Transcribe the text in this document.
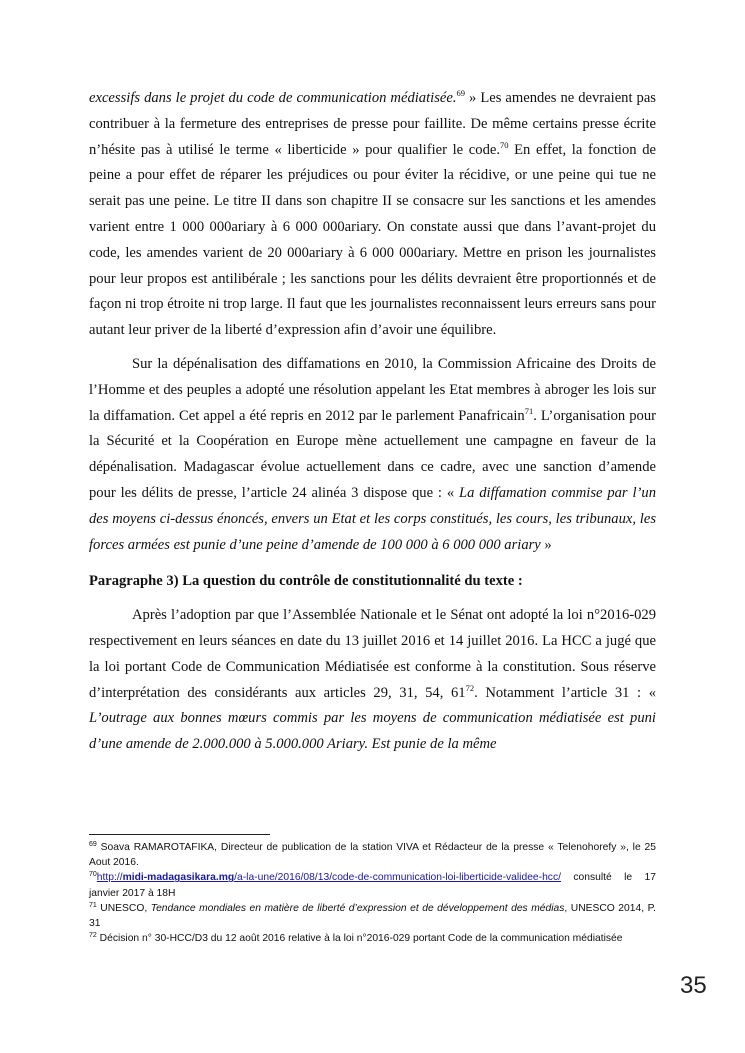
excessifs dans le projet du code de communication médiatisée.$^{69}$ » Les amendes ne devraient pas contribuer à la fermeture des entreprises de presse pour faillite. De même certains presse écrite n’hésite pas à utilisé le terme « liberticide » pour qualifier le code.$^{70}$ En effet, la fonction de peine a pour effet de réparer les préjudices ou pour éviter la récidive, or une peine qui tue ne serait pas une peine. Le titre II dans son chapitre II se consacre sur les sanctions et les amendes varient entre 1 000 000ariary à 6 000 000ariary. On constate aussi que dans l’avant-projet du code, les amendes varient de 20 000ariary à 6 000 000ariary. Mettre en prison les journalistes pour leur propos est antilibérale ; les sanctions pour les délits devraient être proportionnés et de façon ni trop étroite ni trop large. Il faut que les journalistes reconnaissent leurs erreurs sans pour autant leur priver de la liberté d’expression afin d’avoir une équilibre.

Sur la dépénalisation des diffamations en 2010, la Commission Africaine des Droits de l’Homme et des peuples a adopté une résolution appelant les Etat membres à abroger les lois sur la diffamation. Cet appel a été repris en 2012 par le parlement Panafricain$^{71}$. L’organisation pour la Sécurité et la Coopération en Europe mène actuellement une campagne en faveur de la dépénalisation. Madagascar évolue actuellement dans ce cadre, avec une sanction d’amende pour les délits de presse, l’article 24 alinéa 3 dispose que : « La diffamation commise par l’un des moyens ci-dessus énoncés, envers un Etat et les corps constitués, les cours, les tribunaux, les forces armées est punie d’une peine d’amende de 100 000 à 6 000 000 ariary »

Paragraphe 3) La question du contrôle de constitutionnalité du texte :

Après l’adoption par que l’Assemblée Nationale et le Sénat ont adopté la loi n°2016-029 respectivement en leurs séances en date du 13 juillet 2016 et 14 juillet 2016. La HCC a jugé que la loi portant Code de Communication Médiatisée est conforme à la constitution. Sous réserve d’interprétation des considérants aux articles 29, 31, 54, $61^{72}$. Notamment l’article 31 : « L’outrage aux bonnes mœurs commis par les moyens de communication médiatisée est puni d’une amende de 2.000.000 à 5.000.000 Ariary. Est punie de la même

$^{69}$ Soava RAMAROTAFIKA, Directeur de publication de la station VIVA et Rédacteur de la presse « Telenohorefy », le 25 Aout 2016.

$^{70}$http://midi-madagasikara.mg/a-la-une/2016/08/13/code-de-communication-loi-liberticide-validee-hcc/ consulté le 17 janvier 2017 à 18H

$^{71}$ UNESCO, Tendance mondiales en matière de liberté d’expression et de développement des médias, UNESCO 2014, P. 31

$^{72}$ Décision n° 30-HCC/D3 du 12 août 2016 relative à la loi n°2016-029 portant Code de la communication médiatisée

35
